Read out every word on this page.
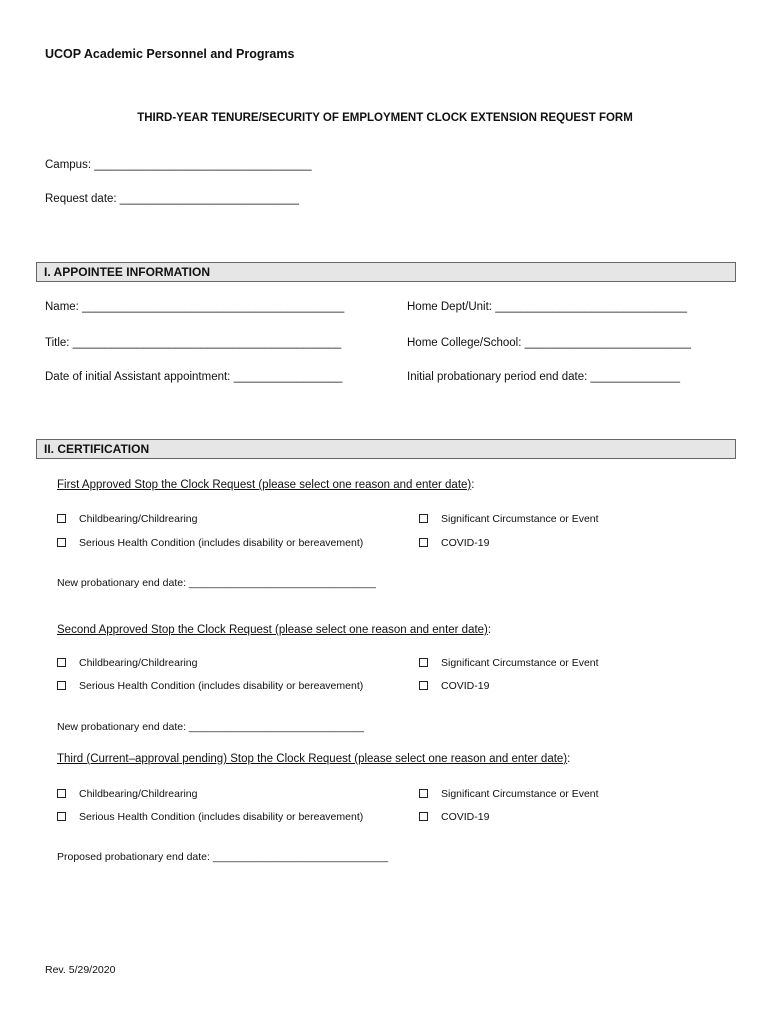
UCOP Academic Personnel and Programs
THIRD-YEAR TENURE/SECURITY OF EMPLOYMENT CLOCK EXTENSION REQUEST FORM
Campus: __________________________________
Request date: ____________________________
I. APPOINTEE INFORMATION
Name: _________________________________________	Home Dept/Unit: ______________________________
Title: __________________________________________	Home College/School: __________________________
Date of initial Assistant appointment: _________________	Initial probationary period end date: ______________
II. CERTIFICATION
First Approved Stop the Clock Request (please select one reason and enter date):
Childbearing/Childrearing	Significant Circumstance or Event
Serious Health Condition (includes disability or bereavement)	COVID-19
New probationary end date: ________________________________
Second Approved Stop the Clock Request (please select one reason and enter date):
Childbearing/Childrearing	Significant Circumstance or Event
Serious Health Condition (includes disability or bereavement)	COVID-19
New probationary end date: ______________________________
Third (Current–approval pending) Stop the Clock Request (please select one reason and enter date):
Childbearing/Childrearing	Significant Circumstance or Event
Serious Health Condition (includes disability or bereavement)	COVID-19
Proposed probationary end date: ______________________________
Rev. 5/29/2020
